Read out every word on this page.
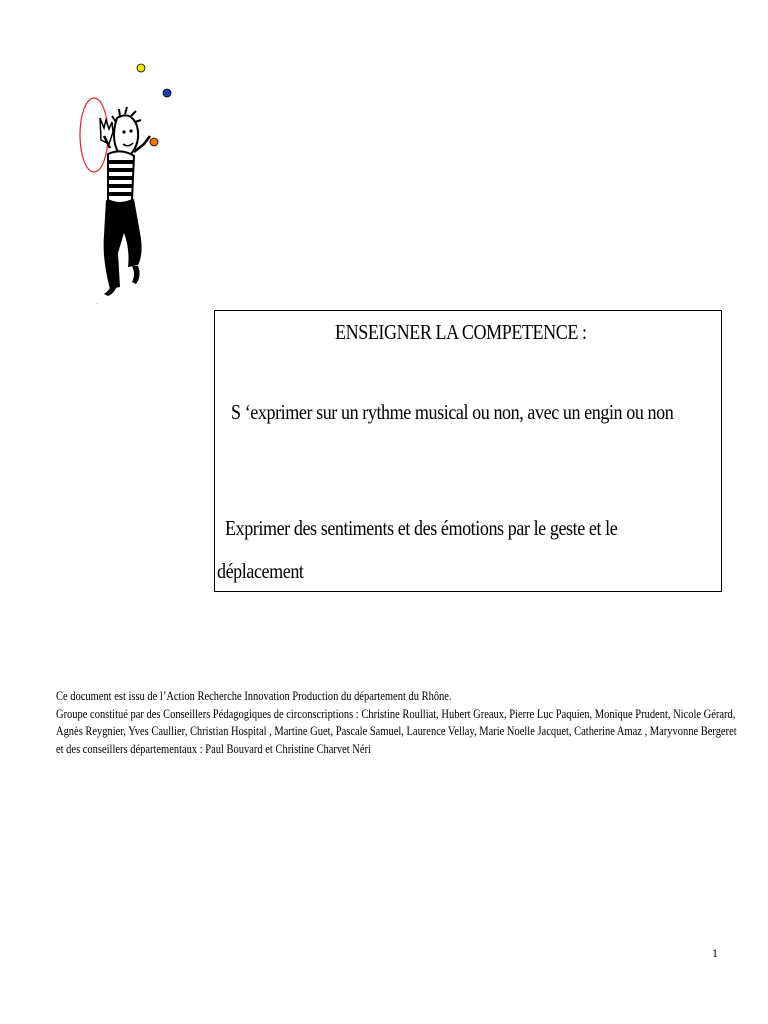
·
ENSEIGNER LA COMPETENCE :
S ‘exprimer sur un rythme musical ou non, avec un engin ou non
Exprimer des sentiments et des émotions par le geste et le
déplacement
Ce document est issu de l’Action Recherche Innovation Production du département du Rhône.
Groupe constitué par des Conseillers Pédagogiques de circonscriptions : Christine Roulliat, Hubert Greaux, Pierre Luc Paquien, Monique Prudent, Nicole Gérard,
Agnès Reygnier, Yves Caullier, Christian Hospital , Martine Guet, Pascale Samuel, Laurence Vellay, Marie Noelle Jacquet, Catherine Amaz , Maryvonne Bergeret
et des conseillers départementaux : Paul Bouvard et Christine Charvet Néri
1
